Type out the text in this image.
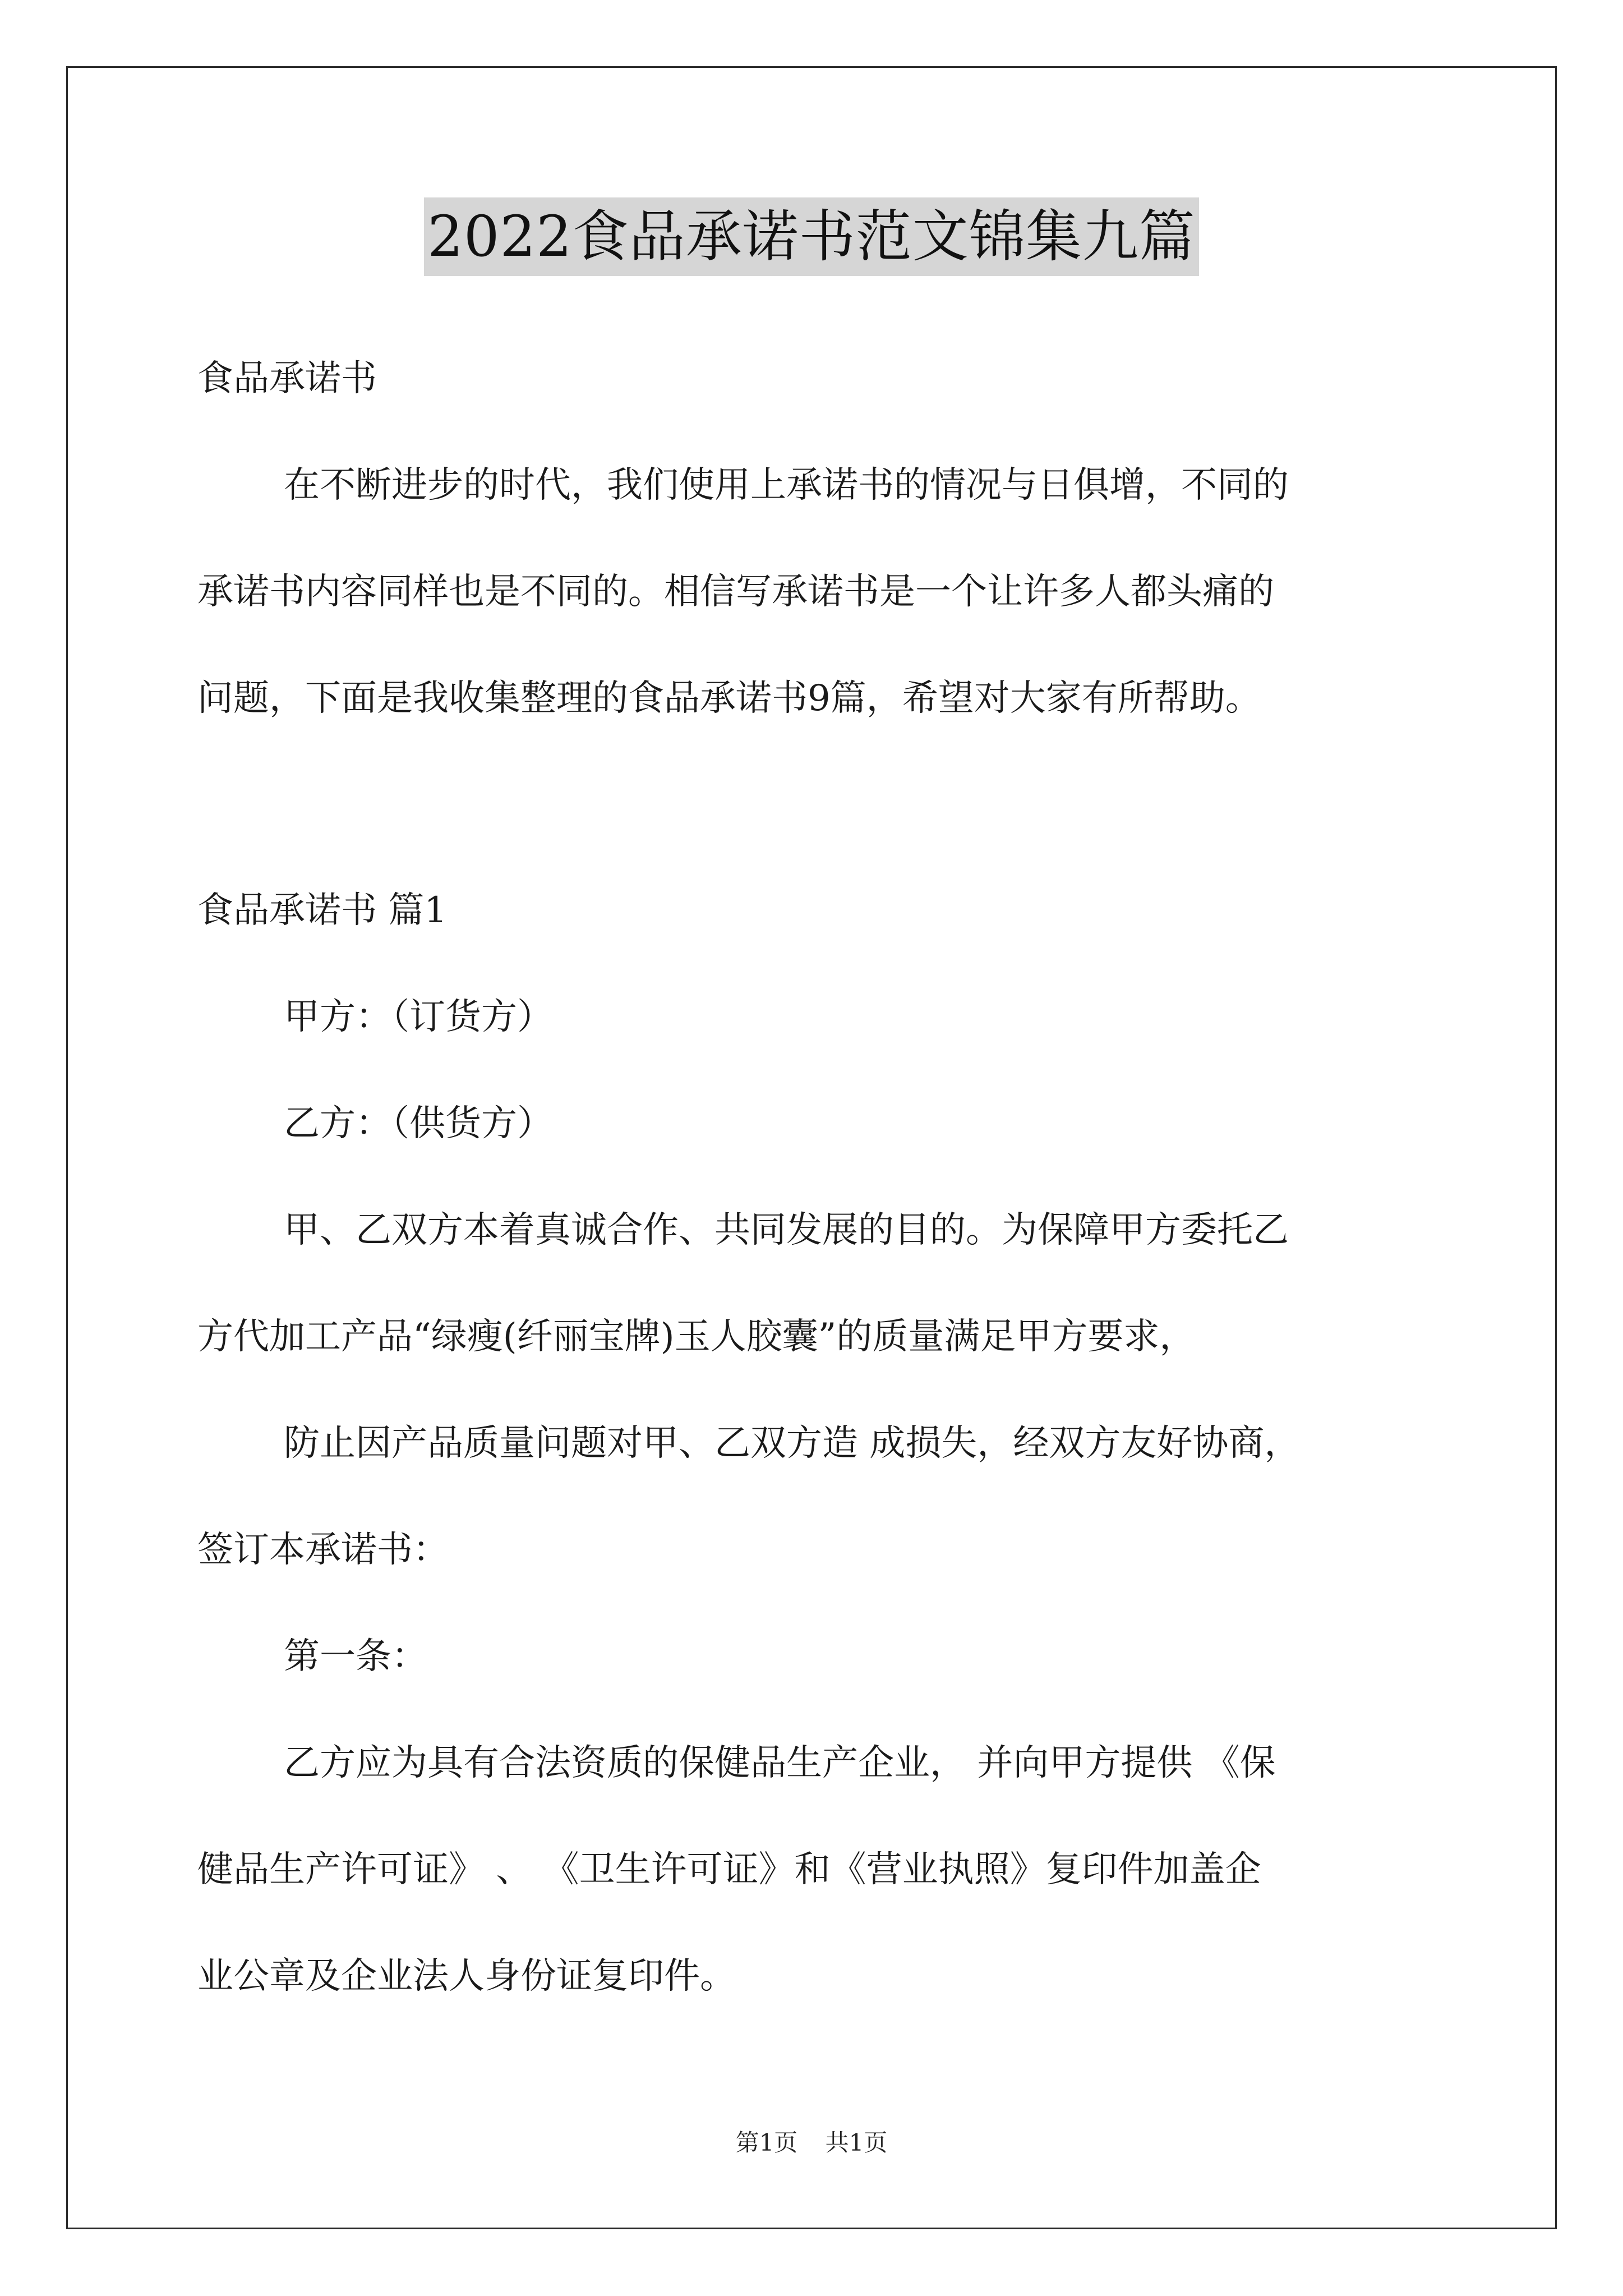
2022食品承诺书范文锦集九篇
食品承诺书
在不断进步的时代，我们使用上承诺书的情况与日俱增，不同的
承诺书内容同样也是不同的。相信写承诺书是一个让许多人都头痛的
问题，下面是我收集整理的食品承诺书9篇，希望对大家有所帮助。
食品承诺书 篇1
甲方：（订货方）
乙方：（供货方）
甲、乙双方本着真诚合作、共同发展的目的。为保障甲方委托乙
方代加工产品“绿瘦(纤丽宝牌)玉人胶囊”的质量满足甲方要求，
防止因产品质量问题对甲、乙双方造 成损失，经双方友好协商，
签订本承诺书：
第一条：
乙方应为具有合法资质的保健品生产企业， 并向甲方提供 《保
健品生产许可证》 、 《卫生许可证》和《营业执照》复印件加盖企
业公章及企业法人身份证复印件。
第1页 共1页
